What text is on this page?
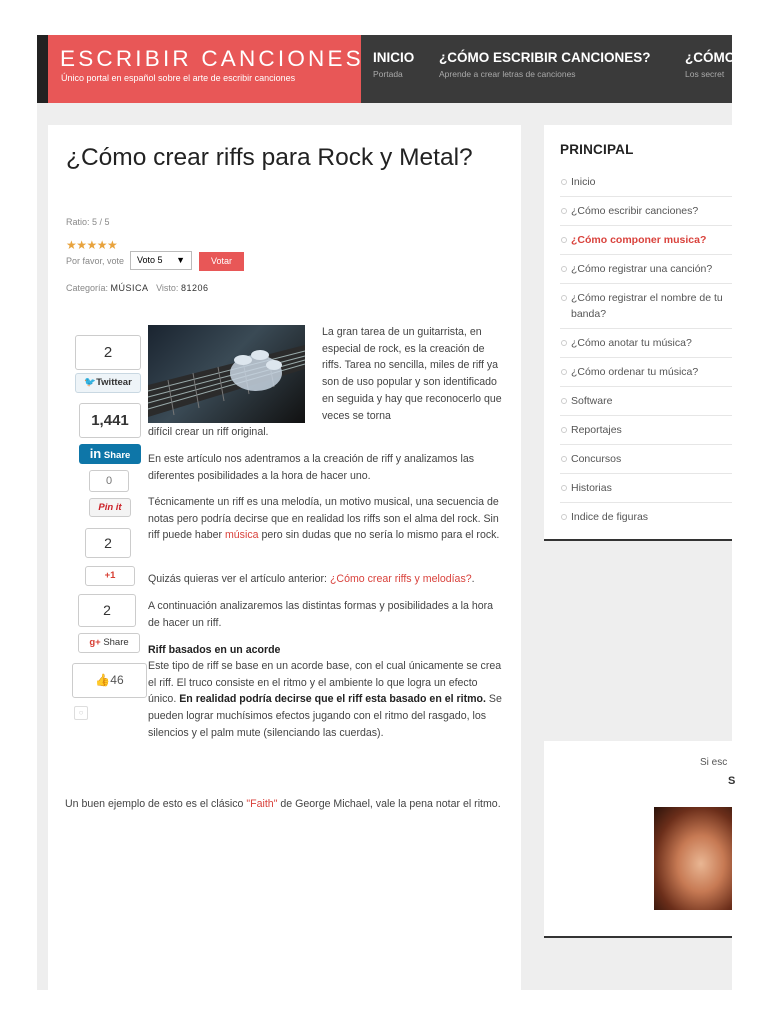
ESCRIBIR CANCIONES
Único portal en español sobre el arte de escribir canciones
INICIO
Portada
¿CÓMO ESCRIBIR CANCIONES?
Aprende a crear letras de canciones
¿CÓMO
Los secret
¿Cómo crear riffs para Rock y Metal?
Ratio: 5 / 5
★★★★★
Por favor, vote	Voto 5 ▼	Votar
Categoría: MÚSICA Visto: 81206
La gran tarea de un guitarrista, en especial de rock, es la creación de riffs. Tarea no sencilla, miles de riff ya son de uso popular y son identificado en seguida y hay que reconocerlo que veces se torna
difícil crear un riff original.
En este artículo nos adentramos a la creación de riff y analizamos las diferentes posibilidades a la hora de hacer uno.
Técnicamente un riff es una melodía, un motivo musical, una secuencia de notas pero podría decirse que en realidad los riffs son el alma del rock. Sin riff puede haber música pero sin dudas que no sería lo mismo para el rock.
Quizás quieras ver el artículo anterior: ¿Cómo crear riffs y melodías?.
A continuación analizaremos las distintas formas y posibilidades a la hora de hacer un riff.
Riff basados en un acorde
Este tipo de riff se base en un acorde base, con el cual únicamente se crea el riff. El truco consiste en el ritmo y el ambiente lo que logra un efecto único. En realidad podría decirse que el riff esta basado en el ritmo. Se pueden lograr muchísimos efectos jugando con el ritmo del rasgado, los silencios y el palm mute (silenciando las cuerdas).
Un buen ejemplo de esto es el clásico "Faith" de George Michael, vale la pena notar el ritmo.
2
🐦Twittear
1,441
in Share
0
Pin it
2
+1
2
g+ Share
👍46
○
PRINCIPAL
Inicio
¿Cómo escribir canciones?
¿Cómo componer musica?
¿Cómo registrar una canción?
¿Cómo registrar el nombre de tu banda?
¿Cómo anotar tu música?
¿Cómo ordenar tu música?
Software
Reportajes
Concursos
Historias
Indice de figuras
Si esc
S
